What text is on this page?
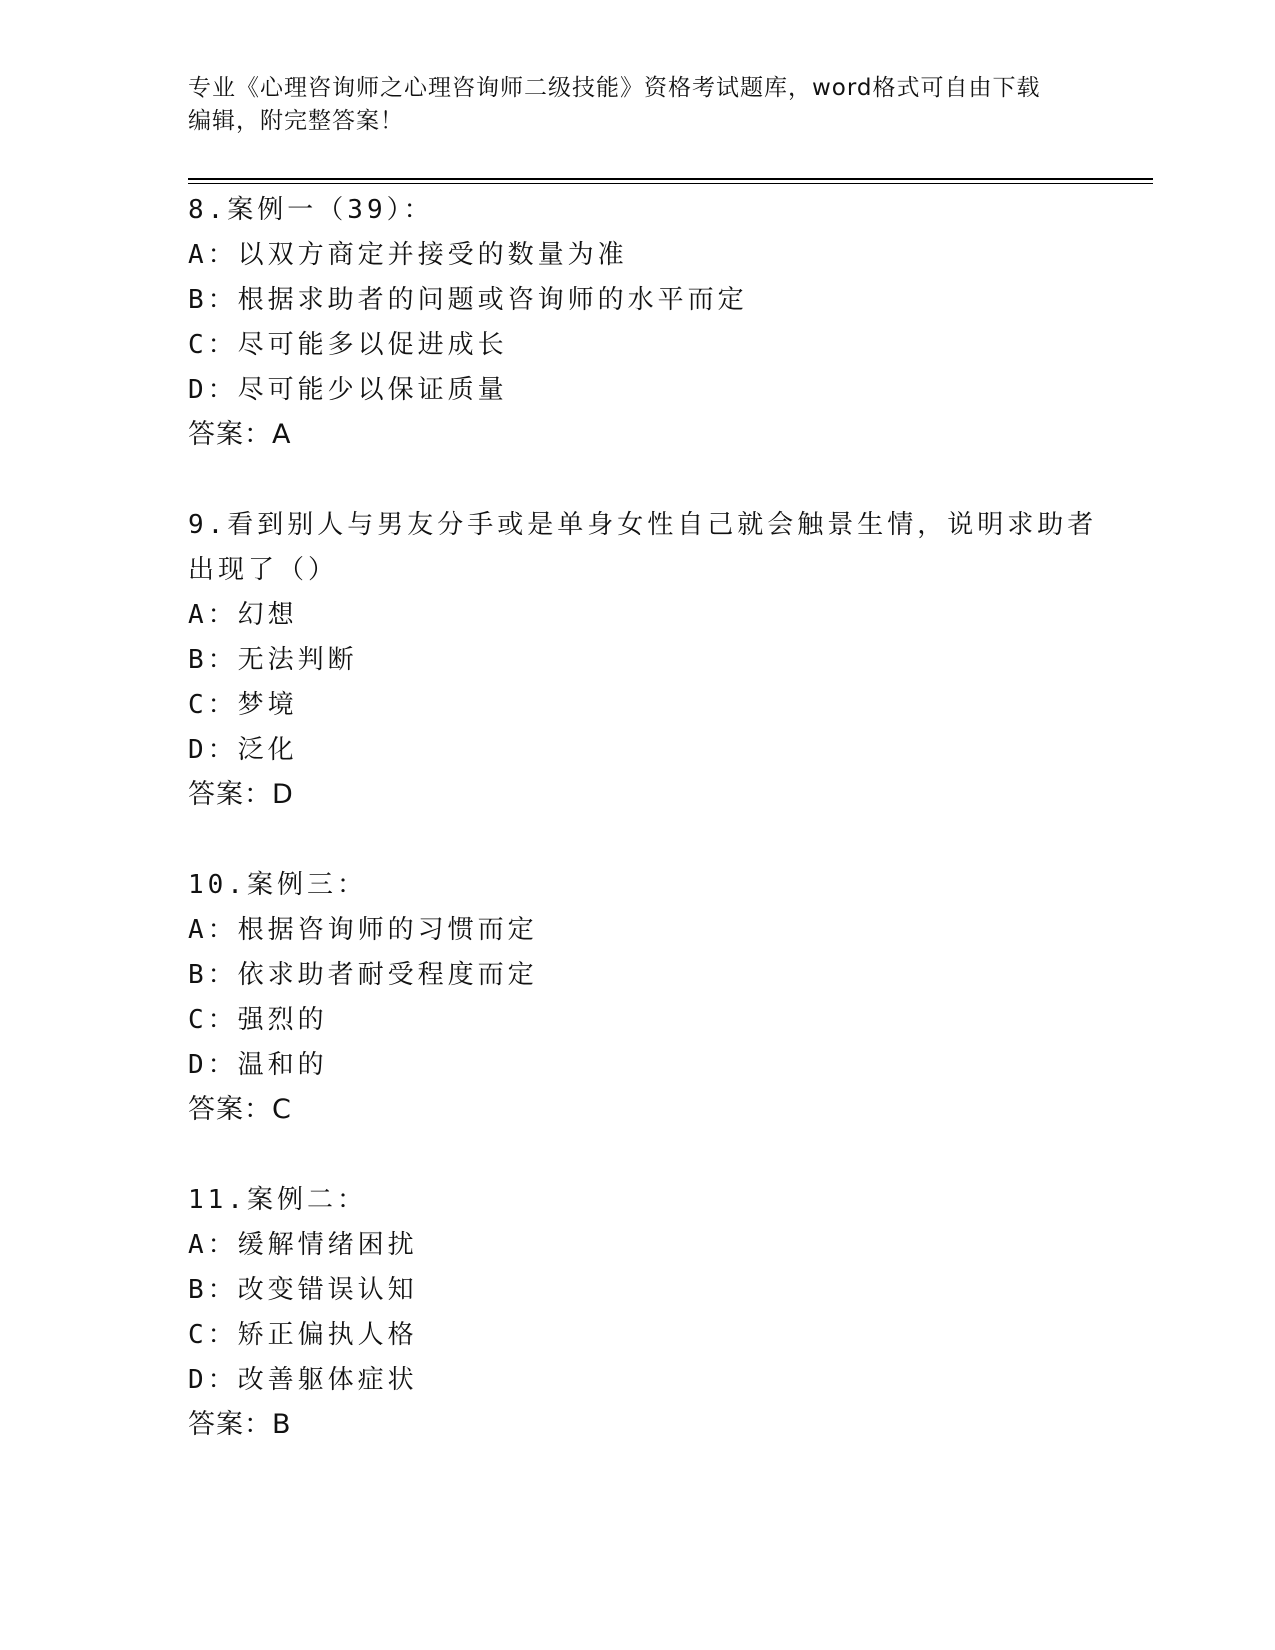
专业《心理咨询师之心理咨询师二级技能》资格考试题库，word格式可自由下载
编辑，附完整答案！
8.案例一（39）：
A：以双方商定并接受的数量为准
B：根据求助者的问题或咨询师的水平而定
C：尽可能多以促进成长
D：尽可能少以保证质量
答案：A
9.看到别人与男友分手或是单身女性自己就会触景生情，说明求助者
出现了（）
A：幻想
B：无法判断
C：梦境
D：泛化
答案：D
10.案例三：
A：根据咨询师的习惯而定
B：依求助者耐受程度而定
C：强烈的
D：温和的
答案：C
11.案例二：
A：缓解情绪困扰
B：改变错误认知
C：矫正偏执人格
D：改善躯体症状
答案：B
